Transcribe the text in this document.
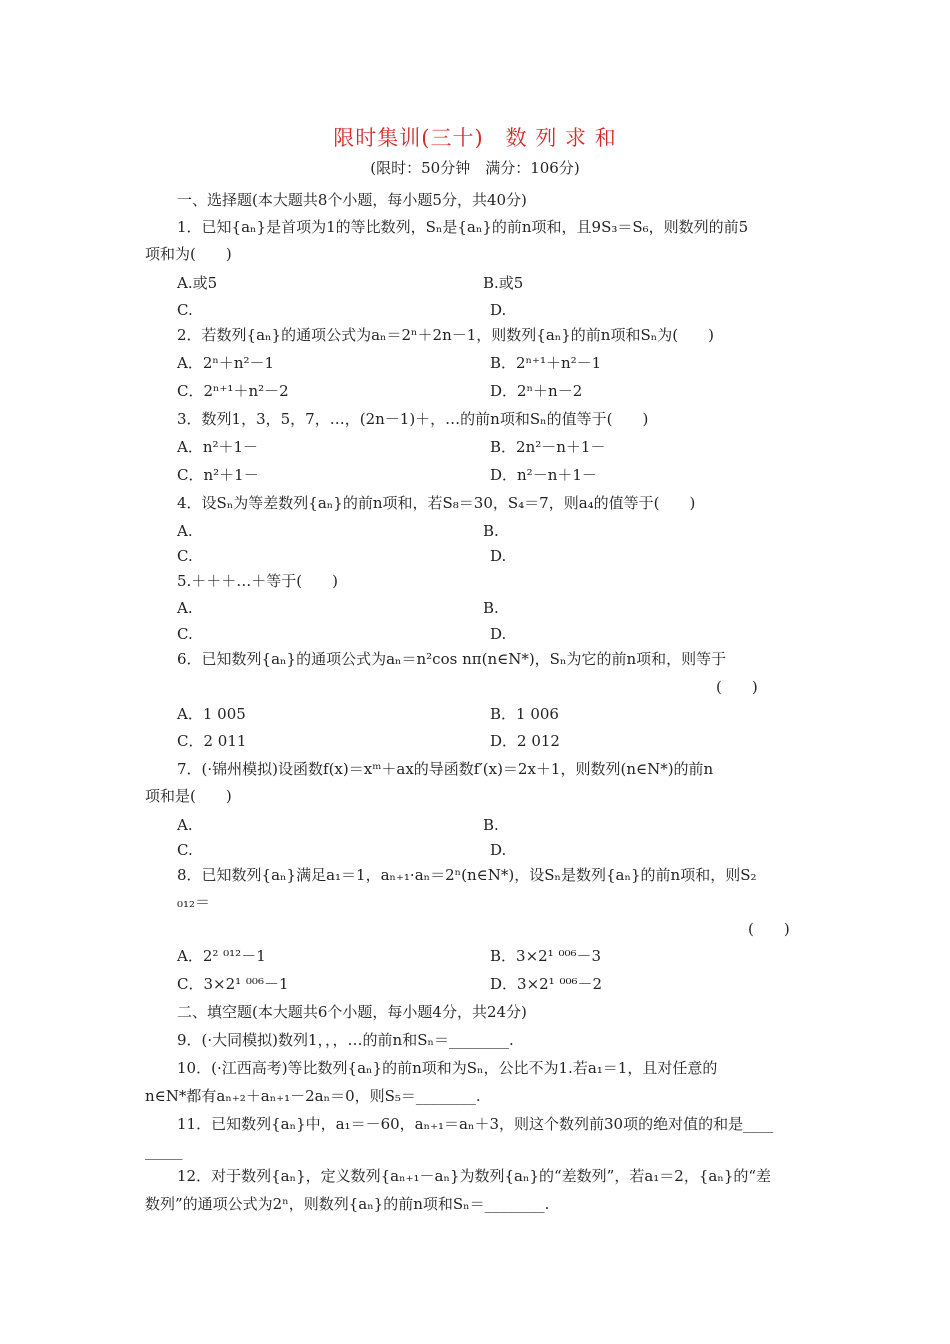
限时集训(三十)　数 列 求 和
(限时：50分钟　满分：106分)
一、选择题(本大题共8个小题，每小题5分，共40分)
1．已知{aₙ}是首项为1的等比数列，Sₙ是{aₙ}的前n项和，且9S₃＝S₆，则数列的前5
项和为(　　)
A.或5	B.或5
C.	D.
2．若数列{aₙ}的通项公式为aₙ＝2ⁿ＋2n－1，则数列{aₙ}的前n项和Sₙ为(　　)
A．2ⁿ＋n²－1	B．2ⁿ⁺¹＋n²－1
C．2ⁿ⁺¹＋n²－2	D．2ⁿ＋n－2
3．数列1，3，5，7，…，(2n－1)＋，…的前n项和Sₙ的值等于(　　)
A．n²＋1－	B．2n²－n＋1－
C．n²＋1－	D．n²－n＋1－
4．设Sₙ为等差数列{aₙ}的前n项和，若S₈＝30，S₄＝7，则a₄的值等于(　　)
A.	B.
C.	D.
5.＋＋＋…＋等于(　　)
A.	B.
C.	D.
6．已知数列{aₙ}的通项公式为aₙ＝n²cos nπ(n∈N*)，Sₙ为它的前n项和，则等于
(　　)
A．1 005	B．1 006
C．2 011	D．2 012
7．(·锦州模拟)设函数f(x)＝xᵐ＋ax的导函数f′(x)＝2x＋1，则数列(n∈N*)的前n
项和是(　　)
A.	B.
C.	D.
8．已知数列{aₙ}满足a₁＝1，aₙ₊₁·aₙ＝2ⁿ(n∈N*)，设Sₙ是数列{aₙ}的前n项和，则S₂
₀₁₂＝
(　　)
A．2² ⁰¹²－1	B．3×2¹ ⁰⁰⁶－3
C．3×2¹ ⁰⁰⁶－1	D．3×2¹ ⁰⁰⁶－2
二、填空题(本大题共6个小题，每小题4分，共24分)
9．(·大同模拟)数列1，，，…的前n和Sₙ＝________.
10．(·江西高考)等比数列{aₙ}的前n项和为Sₙ，公比不为1.若a₁＝1，且对任意的
n∈N*都有aₙ₊₂＋aₙ₊₁－2aₙ＝0，则S₅＝________.
11．已知数列{aₙ}中，a₁＝－60，aₙ₊₁＝aₙ＋3，则这个数列前30项的绝对值的和是____
_____
12．对于数列{aₙ}，定义数列{aₙ₊₁－aₙ}为数列{aₙ}的“差数列”，若a₁＝2，{aₙ}的“差
数列”的通项公式为2ⁿ，则数列{aₙ}的前n项和Sₙ＝________.
